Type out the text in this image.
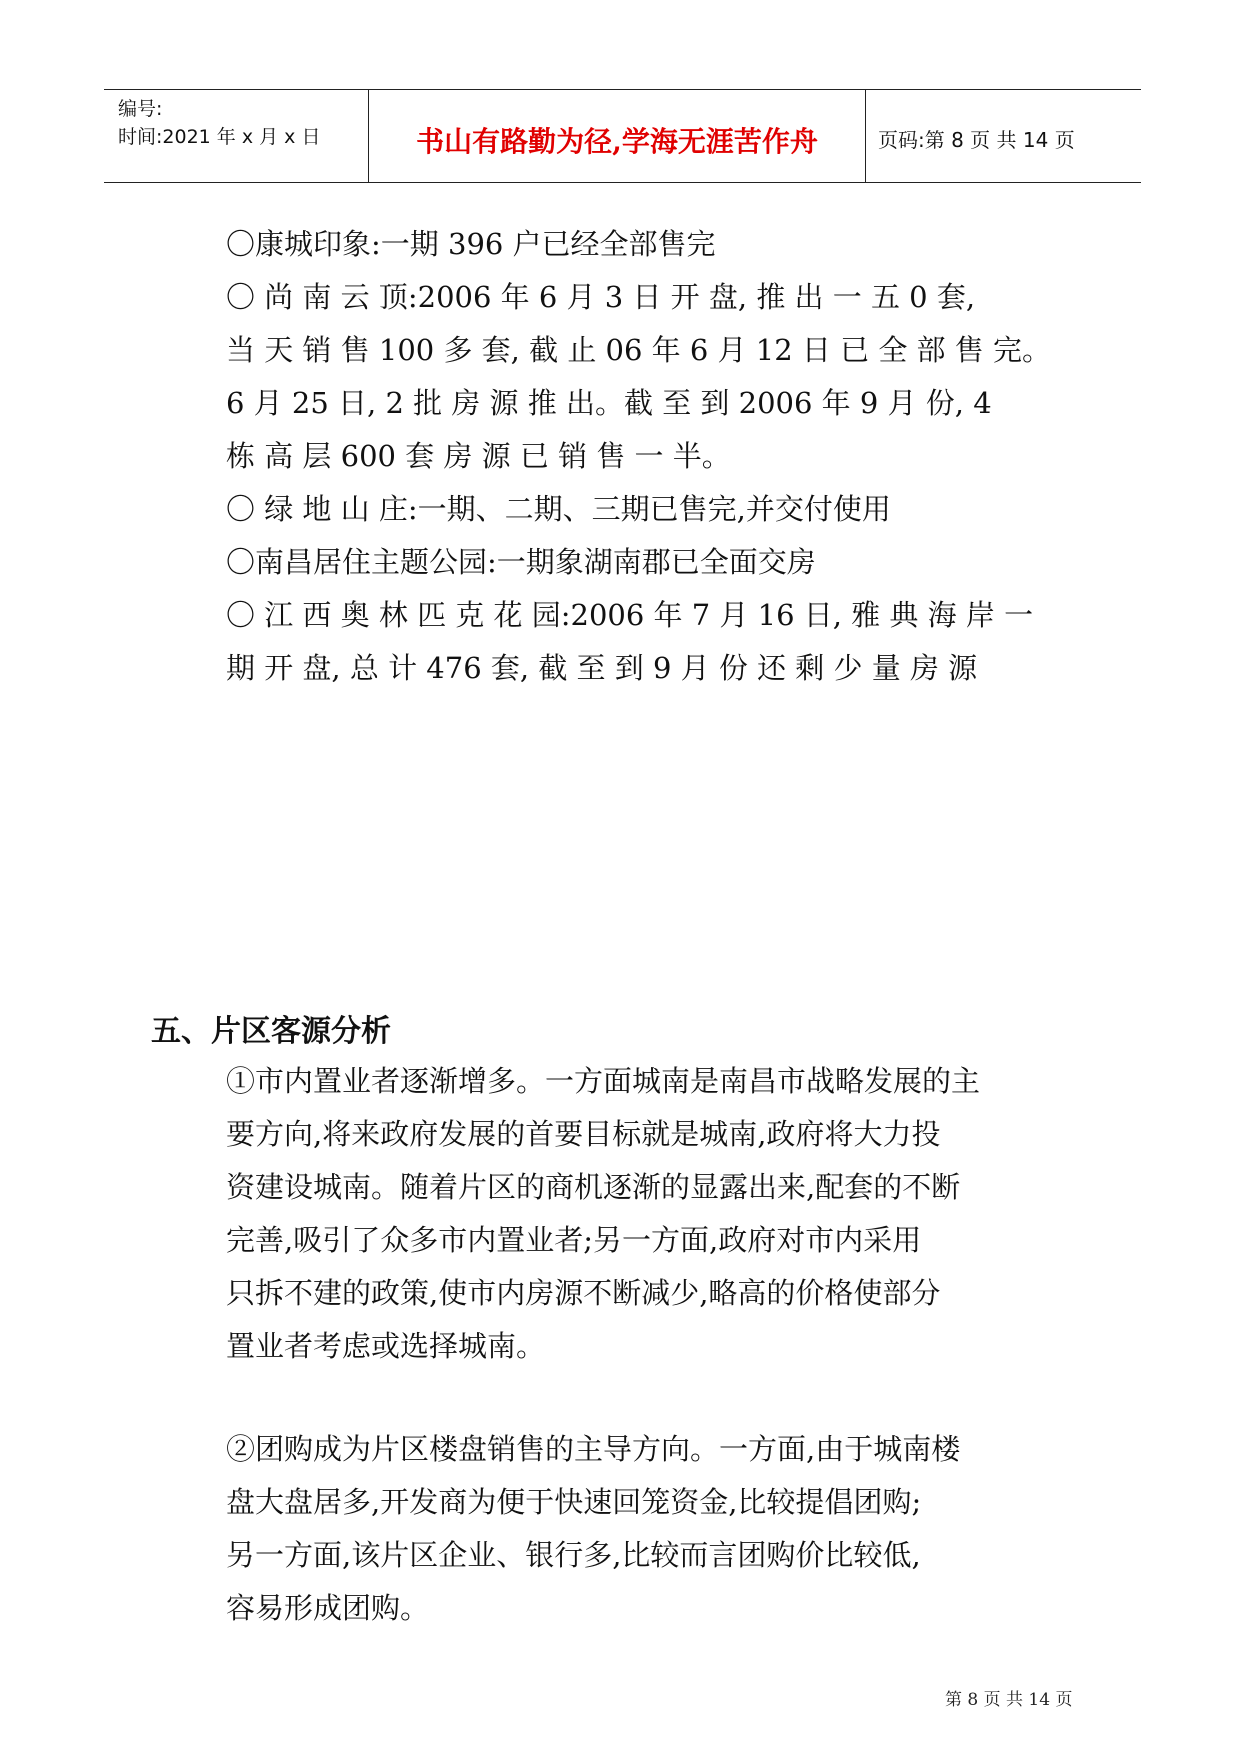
编号:
时间:2021 年 x 月 x 日	书山有路勤为径,学海无涯苦作舟	页码:第 8 页 共 14 页
〇康城印象:一期 396 户已经全部售完
〇 尚 南 云 顶:2006 年 6 月 3 日 开 盘, 推 出 一 五 0 套,
当 天 销 售 100 多 套, 截 止 06 年 6 月 12 日 已 全 部 售 完。
6 月 25 日, 2 批 房 源 推 出。截 至 到 2006 年 9 月 份, 4
栋 高 层 600 套 房 源 已 销 售 一 半。
〇 绿 地 山 庄:一期、二期、三期已售完,并交付使用
〇南昌居住主题公园:一期象湖南郡已全面交房
〇 江 西 奥 林 匹 克 花 园:2006 年 7 月 16 日, 雅 典 海 岸 一
期 开 盘, 总 计 476 套, 截 至 到 9 月 份 还 剩 少 量 房 源
五、片区客源分析
①市内置业者逐渐增多。一方面城南是南昌市战略发展的主
要方向,将来政府发展的首要目标就是城南,政府将大力投
资建设城南。随着片区的商机逐渐的显露出来,配套的不断
完善,吸引了众多市内置业者;另一方面,政府对市内采用
只拆不建的政策,使市内房源不断减少,略高的价格使部分
置业者考虑或选择城南。
②团购成为片区楼盘销售的主导方向。一方面,由于城南楼
盘大盘居多,开发商为便于快速回笼资金,比较提倡团购;
另一方面,该片区企业、银行多,比较而言团购价比较低,
容易形成团购。
第 8 页 共 14 页
